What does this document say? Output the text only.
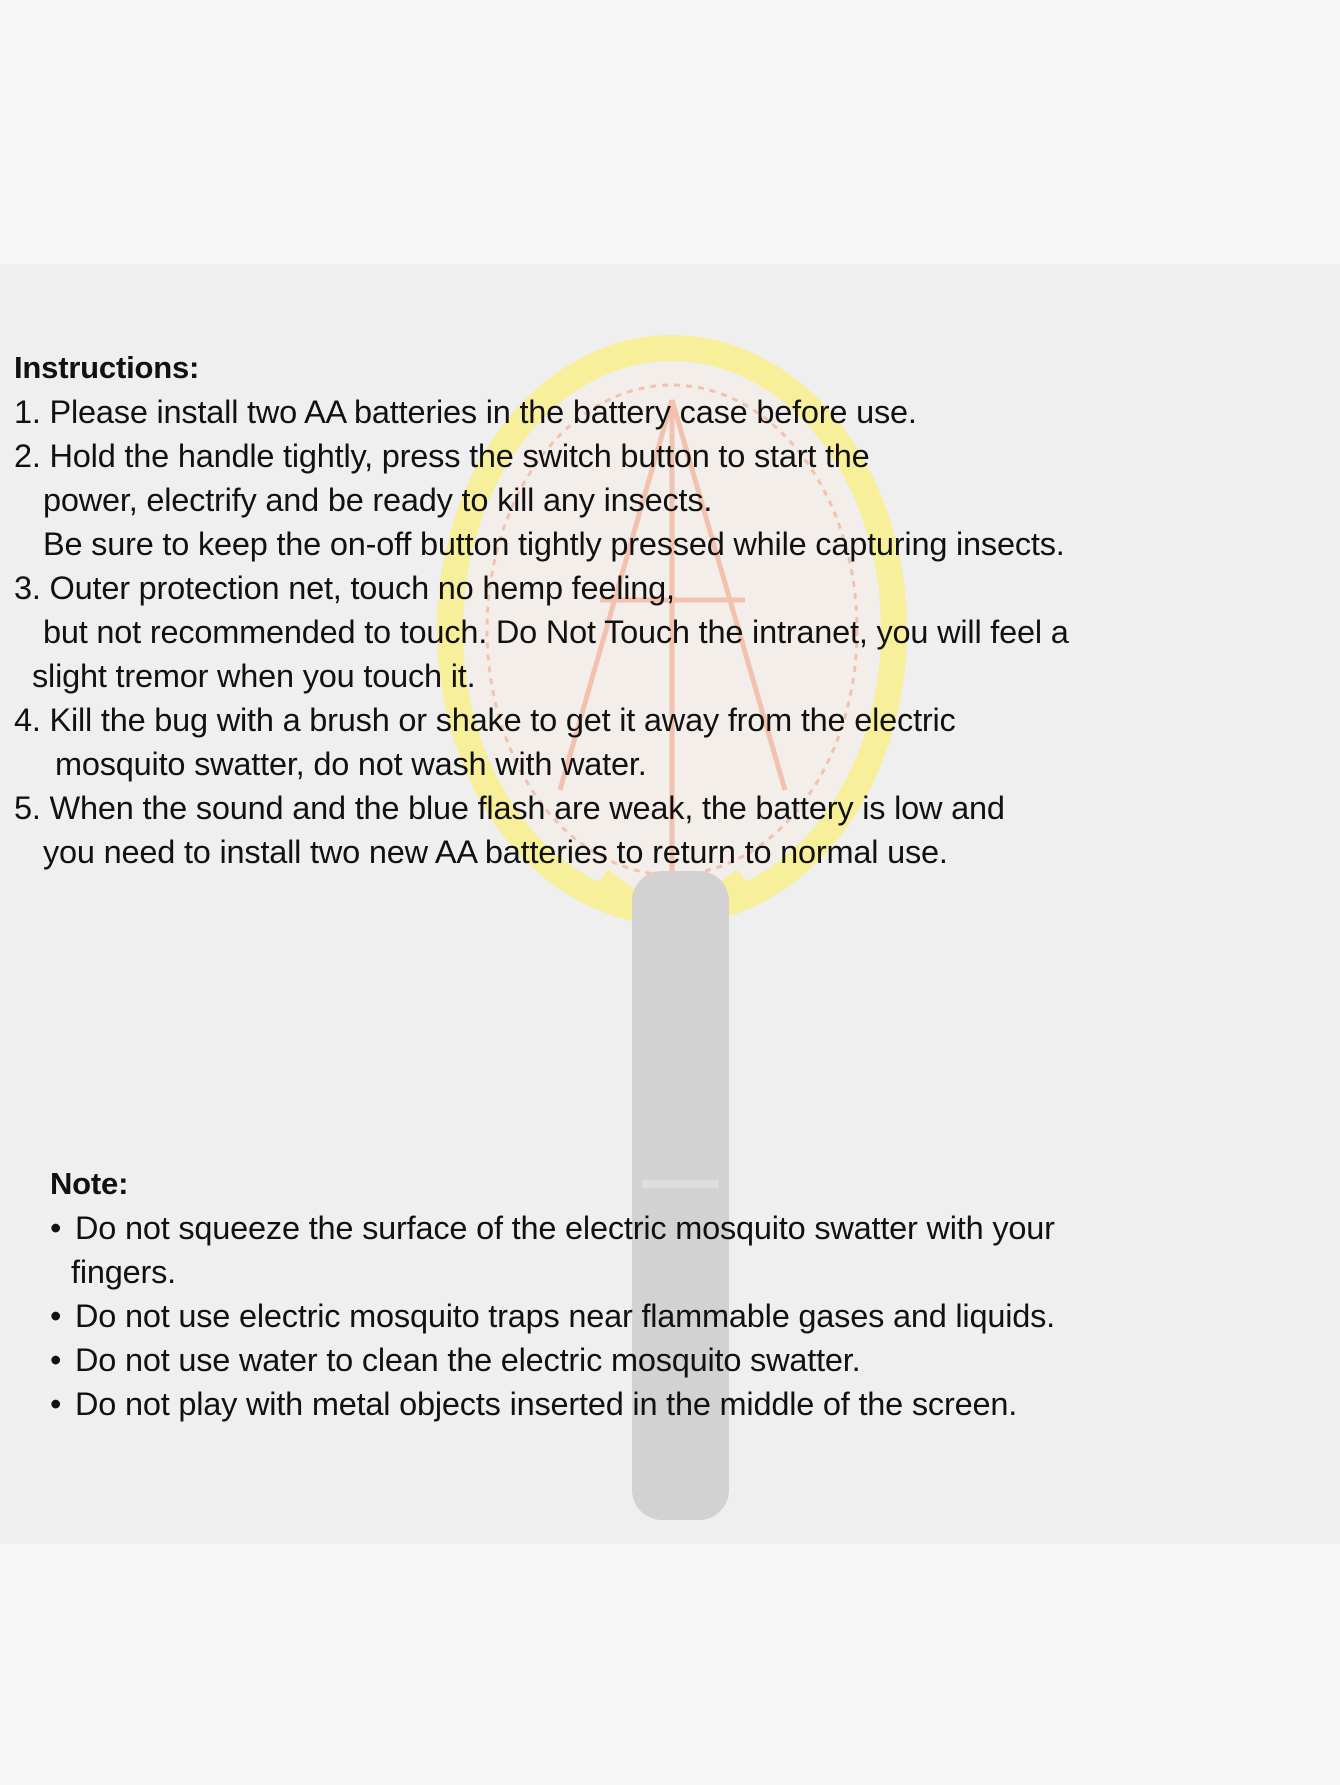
Instructions:
1. Please install two AA batteries in the battery case before use.
2. Hold the handle tightly, press the switch button to start the
power, electrify and be ready to kill any insects.
Be sure to keep the on-off button tightly pressed while capturing insects.
3. Outer protection net, touch no hemp feeling,
but not recommended to touch. Do Not Touch the intranet, you will feel a
slight tremor when you touch it.
4. Kill the bug with a brush or shake to get it away from the electric
mosquito swatter, do not wash with water.
5. When the sound and the blue flash are weak, the battery is low and
you need to install two new AA batteries to return to normal use.
Note:
• Do not squeeze the surface of the electric mosquito swatter with your
fingers.
• Do not use electric mosquito traps near flammable gases and liquids.
• Do not use water to clean the electric mosquito swatter.
• Do not play with metal objects inserted in the middle of the screen.
